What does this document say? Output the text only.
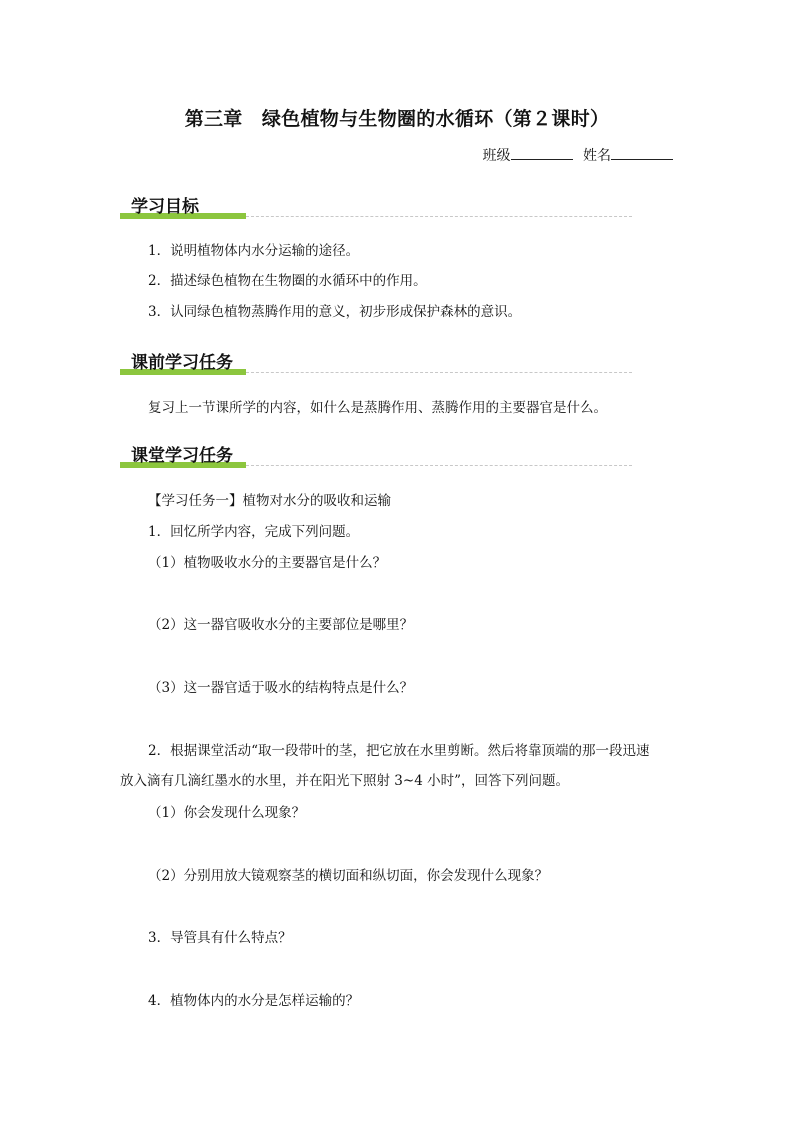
第三章　绿色植物与生物圈的水循环（第２课时）
班级	姓名
学习目标
1．说明植物体内水分运输的途径。
2．描述绿色植物在生物圈的水循环中的作用。
3．认同绿色植物蒸腾作用的意义，初步形成保护森林的意识。
课前学习任务
复习上一节课所学的内容，如什么是蒸腾作用、蒸腾作用的主要器官是什么。
课堂学习任务
【学习任务一】植物对水分的吸收和运输
1．回忆所学内容，完成下列问题。
（1）植物吸收水分的主要器官是什么？
（2）这一器官吸收水分的主要部位是哪里？
（3）这一器官适于吸水的结构特点是什么？
2．根据课堂活动“取一段带叶的茎，把它放在水里剪断。然后将靠顶端的那一段迅速
放入滴有几滴红墨水的水里，并在阳光下照射 3~4 小时”，回答下列问题。
（1）你会发现什么现象？
（2）分别用放大镜观察茎的横切面和纵切面，你会发现什么现象？
3．导管具有什么特点？
4．植物体内的水分是怎样运输的？
